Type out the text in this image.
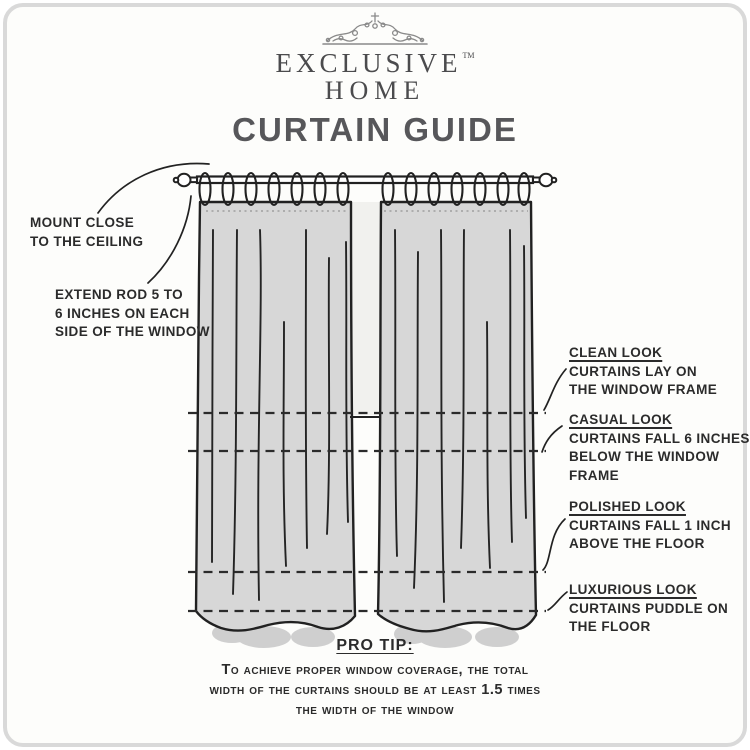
EXCLUSIVE™
HOME
CURTAIN GUIDE
MOUNT CLOSE
TO THE CEILING
EXTEND ROD 5 TO
6 INCHES ON EACH
SIDE OF THE WINDOW
CLEAN LOOK
CURTAINS LAY ON
THE WINDOW FRAME
CASUAL LOOK
CURTAINS FALL 6 INCHES
BELOW THE WINDOW
FRAME
POLISHED LOOK
CURTAINS FALL 1 INCH
ABOVE THE FLOOR
LUXURIOUS LOOK
CURTAINS PUDDLE ON
THE FLOOR
PRO TIP:
To achieve proper window coverage, the total
width of the curtains should be at least 1.5 times
the width of the window
